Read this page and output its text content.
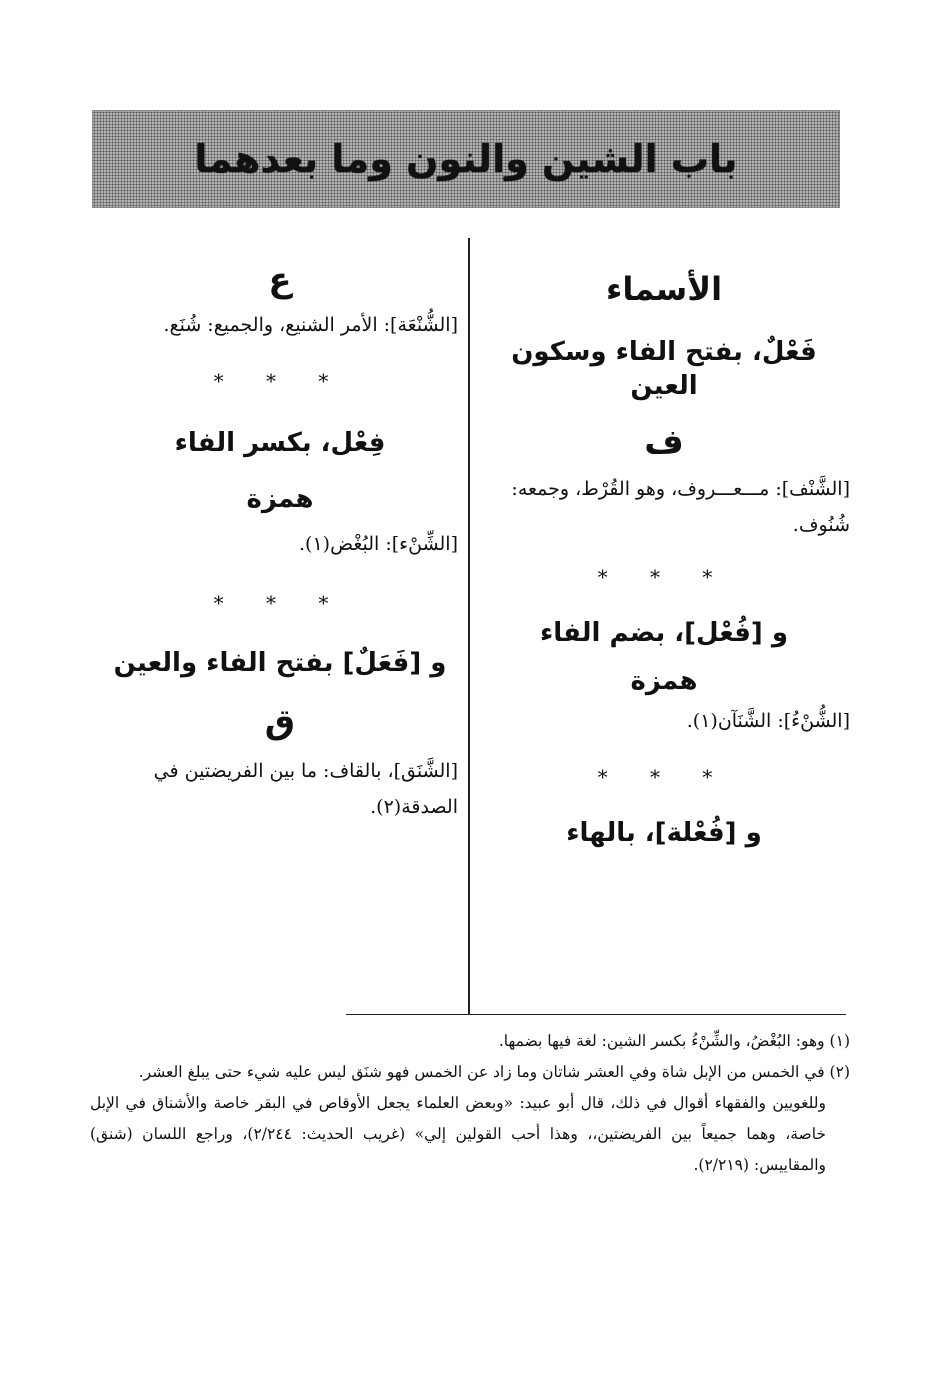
باب الشين والنون وما بعدهما

الأسماء

فَعْلٌ، بفتح الفاء وسكون العين

ف

[الشَّنْف]: مـــعـــروف، وهو القُرْط، وجمعه: شُنُوف.

* * *

و [فُعْل]، بضم الفاء

همزة

[الشُّنْءُ]: الشَّنَآن(١).

* * *

و [فُعْلة]، بالهاء

ع

[الشُّنْعَة]: الأمر الشنيع، والجميع: شُنَع.

* * *

فِعْل، بكسر الفاء

همزة

[الشِّنْء]: البُغْض(١).

* * *

و [فَعَلٌ] بفتح الفاء والعين

ق

[الشَّنَق]، بالقاف: ما بين الفريضتين في الصدقة(٢).

(١) وهو: البُغْضُ، والشِّنْءُ بكسر الشين: لغة فيها بضمها.

(٢) في الخمس من الإبل شاة وفي العشر شاتان وما زاد عن الخمس فهو شنَق ليس عليه شيء حتى يبلغ العشر.

وللغويين والفقهاء أقوال في ذلك، قال أبو عبيد: «وبعض العلماء يجعل الأوقاص في البقر خاصة والأشناق في الإبل خاصة، وهما جميعاً بين الفريضتين،، وهذا أحب القولين إلي» (غريب الحديث: ٢/٢٤٤)، وراجع اللسان (شنق) والمقاييس: (٢/٢١٩).
